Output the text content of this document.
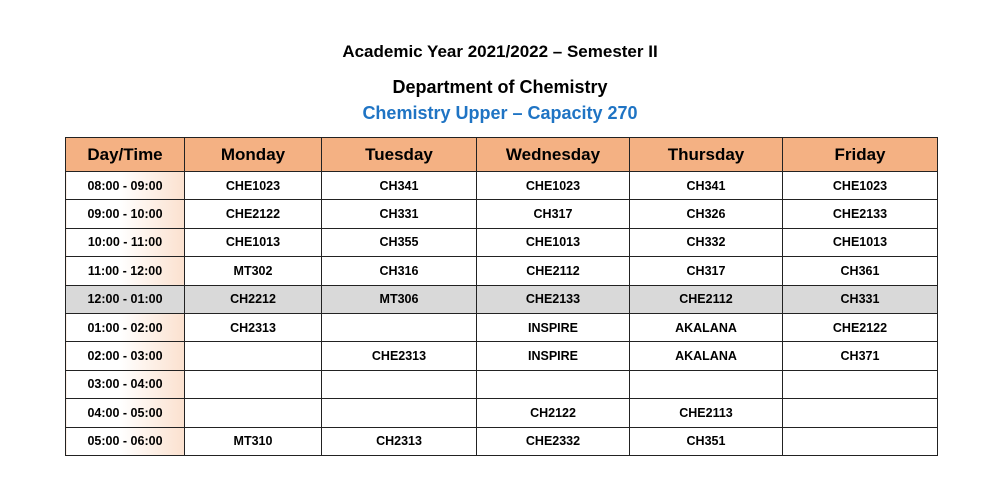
Academic Year 2021/2022 – Semester II
Department of Chemistry
Chemistry Upper – Capacity 270
Day/Time	Monday	Tuesday	Wednesday	Thursday	Friday
08:00 - 09:00	CHE1023	CH341	CHE1023	CH341	CHE1023
09:00 - 10:00	CHE2122	CH331	CH317	CH326	CHE2133
10:00 - 11:00	CHE1013	CH355	CHE1013	CH332	CHE1013
11:00 - 12:00	MT302	CH316	CHE2112	CH317	CH361
12:00 - 01:00	CH2212	MT306	CHE2133	CHE2112	CH331
01:00 - 02:00	CH2313		INSPIRE	AKALANA	CHE2122
02:00 - 03:00		CHE2313	INSPIRE	AKALANA	CH371
03:00 - 04:00					
04:00 - 05:00			CH2122	CHE2113	
05:00 - 06:00	MT310	CH2313	CHE2332	CH351	
